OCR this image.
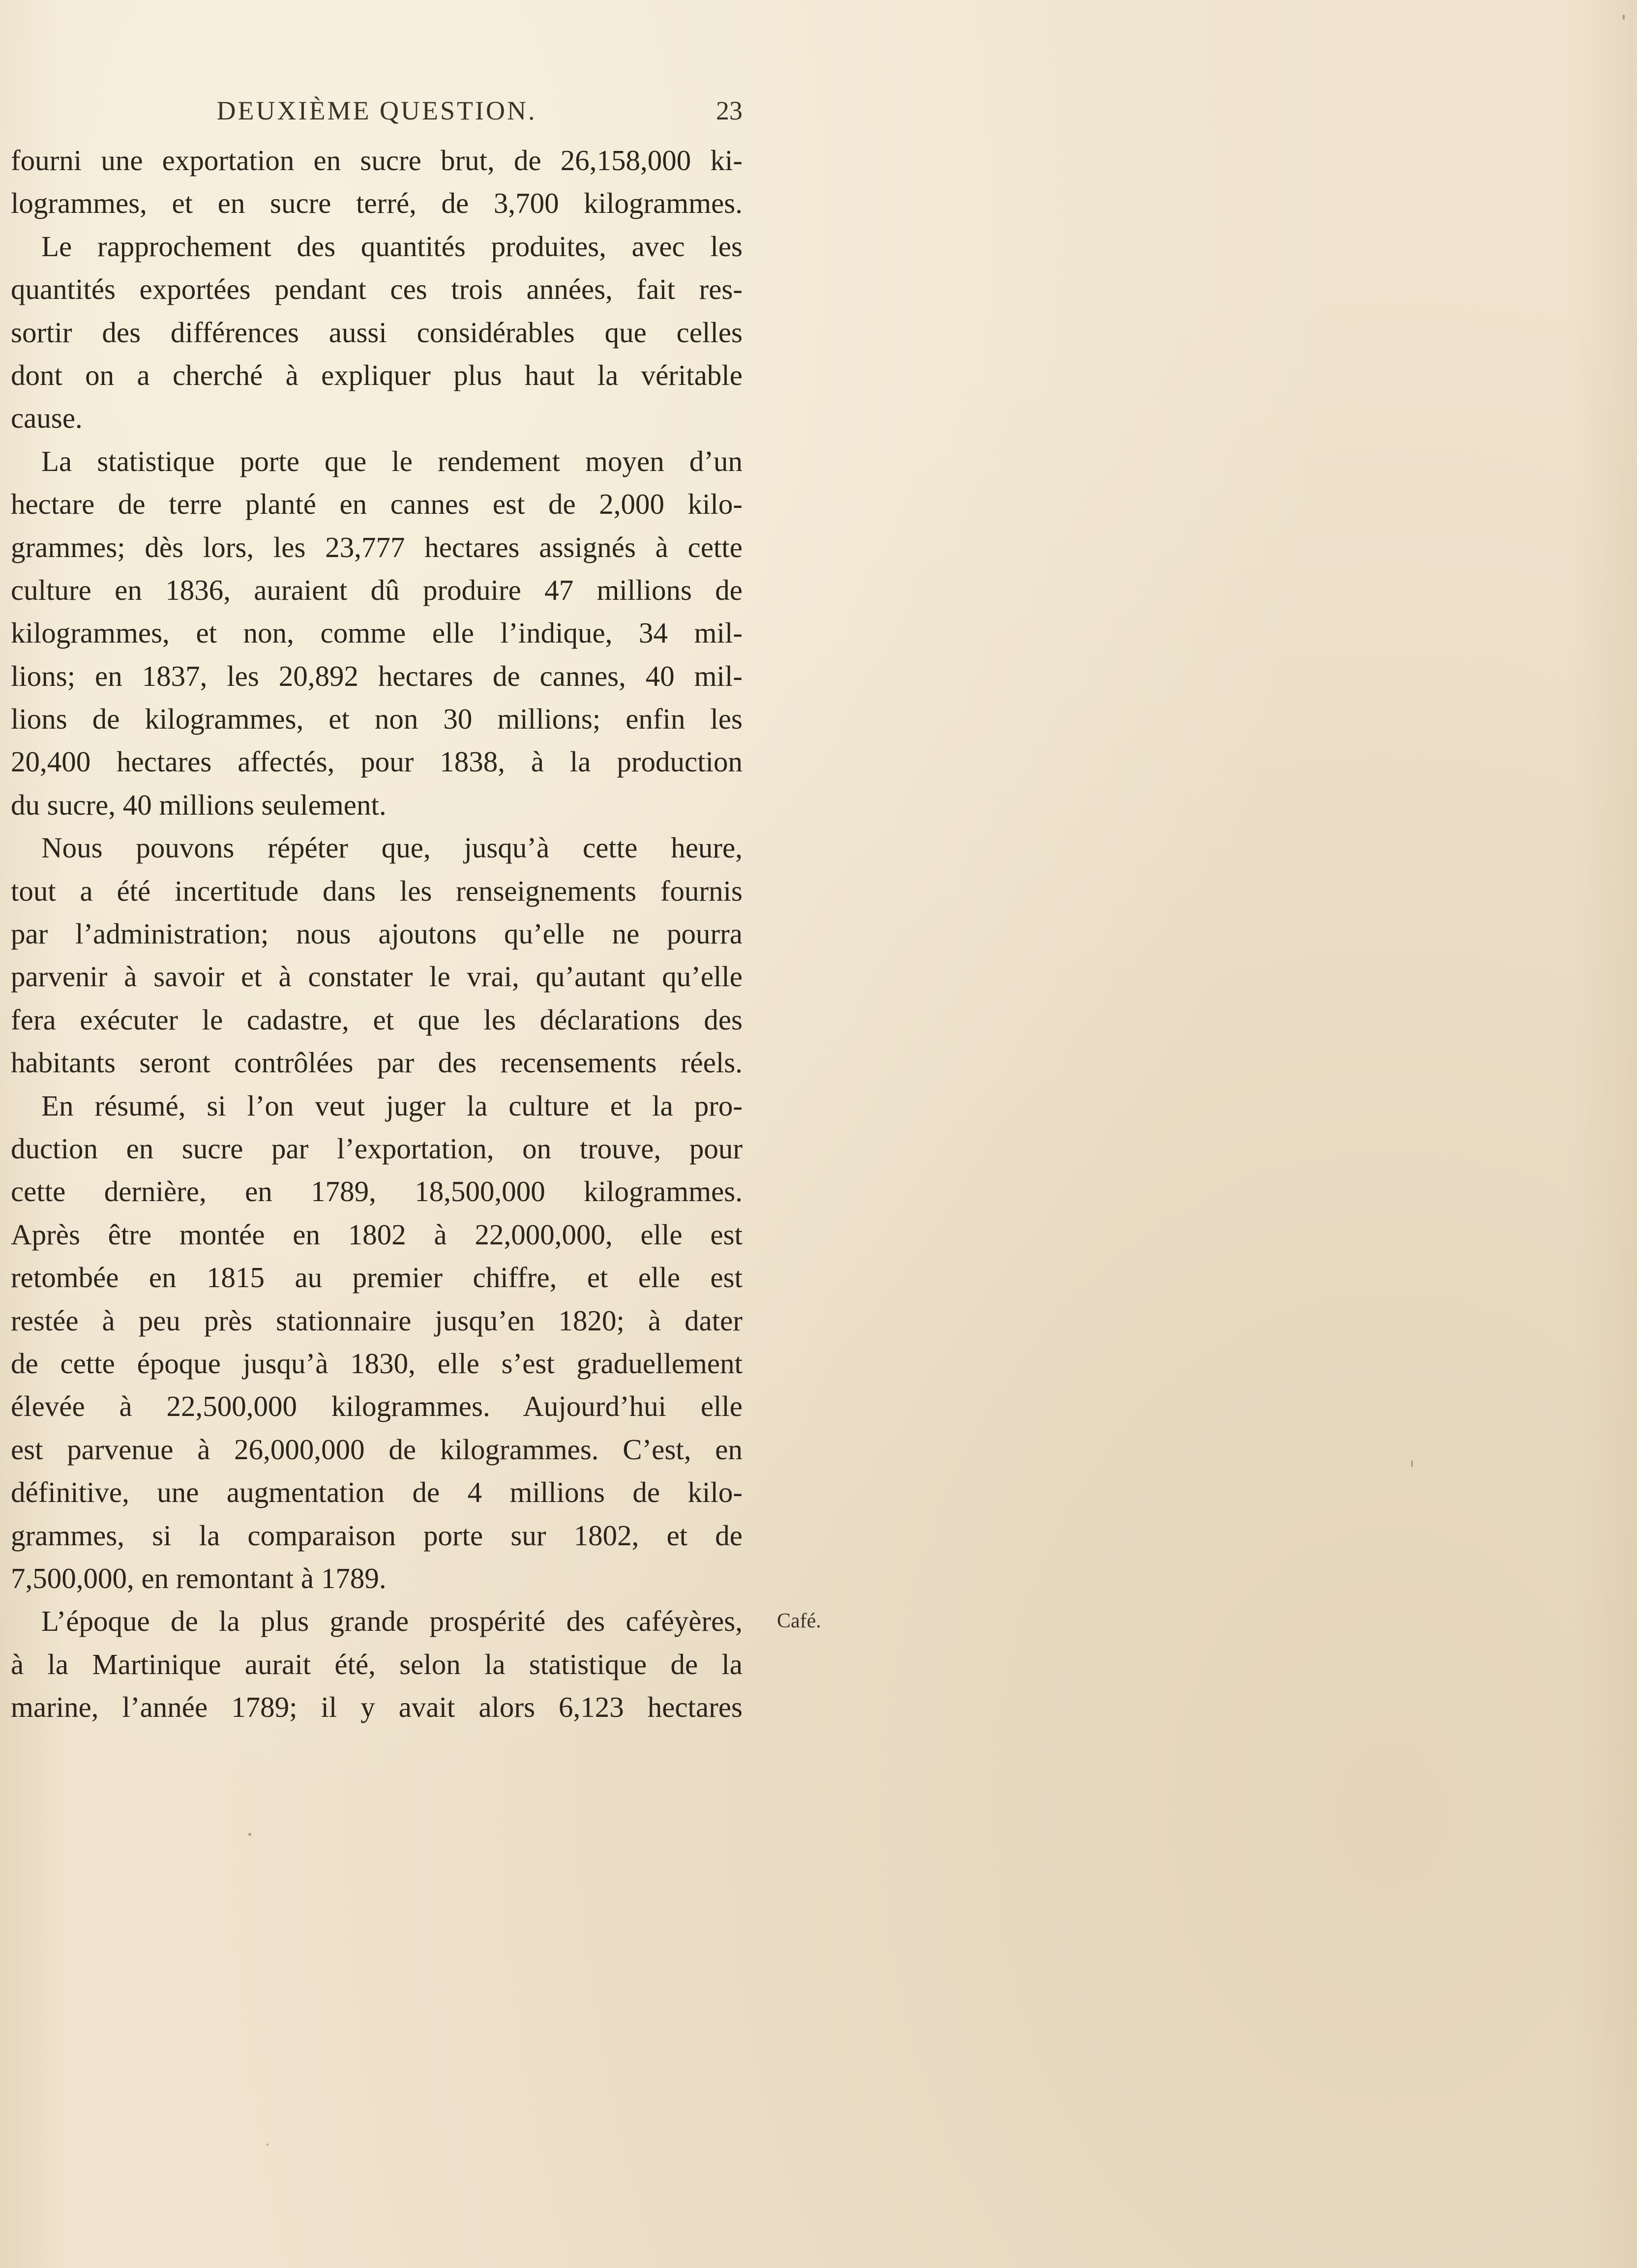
DEUXIÈME QUESTION.	23
fourni une exportation en sucre brut, de 26,158,000 ki-
logrammes, et en sucre terré, de 3,700 kilogrammes.
Le rapprochement des quantités produites, avec les
quantités exportées pendant ces trois années, fait res-
sortir des différences aussi considérables que celles
dont on a cherché à expliquer plus haut la véritable
cause.
La statistique porte que le rendement moyen d’un
hectare de terre planté en cannes est de 2,000 kilo-
grammes; dès lors, les 23,777 hectares assignés à cette
culture en 1836, auraient dû produire 47 millions de
kilogrammes, et non, comme elle l’indique, 34 mil-
lions; en 1837, les 20,892 hectares de cannes, 40 mil-
lions de kilogrammes, et non 30 millions; enfin les
20,400 hectares affectés, pour 1838, à la production
du sucre, 40 millions seulement.
Nous pouvons répéter que, jusqu’à cette heure,
tout a été incertitude dans les renseignements fournis
par l’administration; nous ajoutons qu’elle ne pourra
parvenir à savoir et à constater le vrai, qu’autant qu’elle
fera exécuter le cadastre, et que les déclarations des
habitants seront contrôlées par des recensements réels.
En résumé, si l’on veut juger la culture et la pro-
duction en sucre par l’exportation, on trouve, pour
cette dernière, en 1789, 18,500,000 kilogrammes.
Après être montée en 1802 à 22,000,000, elle est
retombée en 1815 au premier chiffre, et elle est
restée à peu près stationnaire jusqu’en 1820; à dater
de cette époque jusqu’à 1830, elle s’est graduellement
élevée à 22,500,000 kilogrammes. Aujourd’hui elle
est parvenue à 26,000,000 de kilogrammes. C’est, en
définitive, une augmentation de 4 millions de kilo-
grammes, si la comparaison porte sur 1802, et de
7,500,000, en remontant à 1789.
L’époque de la plus grande prospérité des caféyères,
à la Martinique aurait été, selon la statistique de la
marine, l’année 1789; il y avait alors 6,123 hectares
Café.
